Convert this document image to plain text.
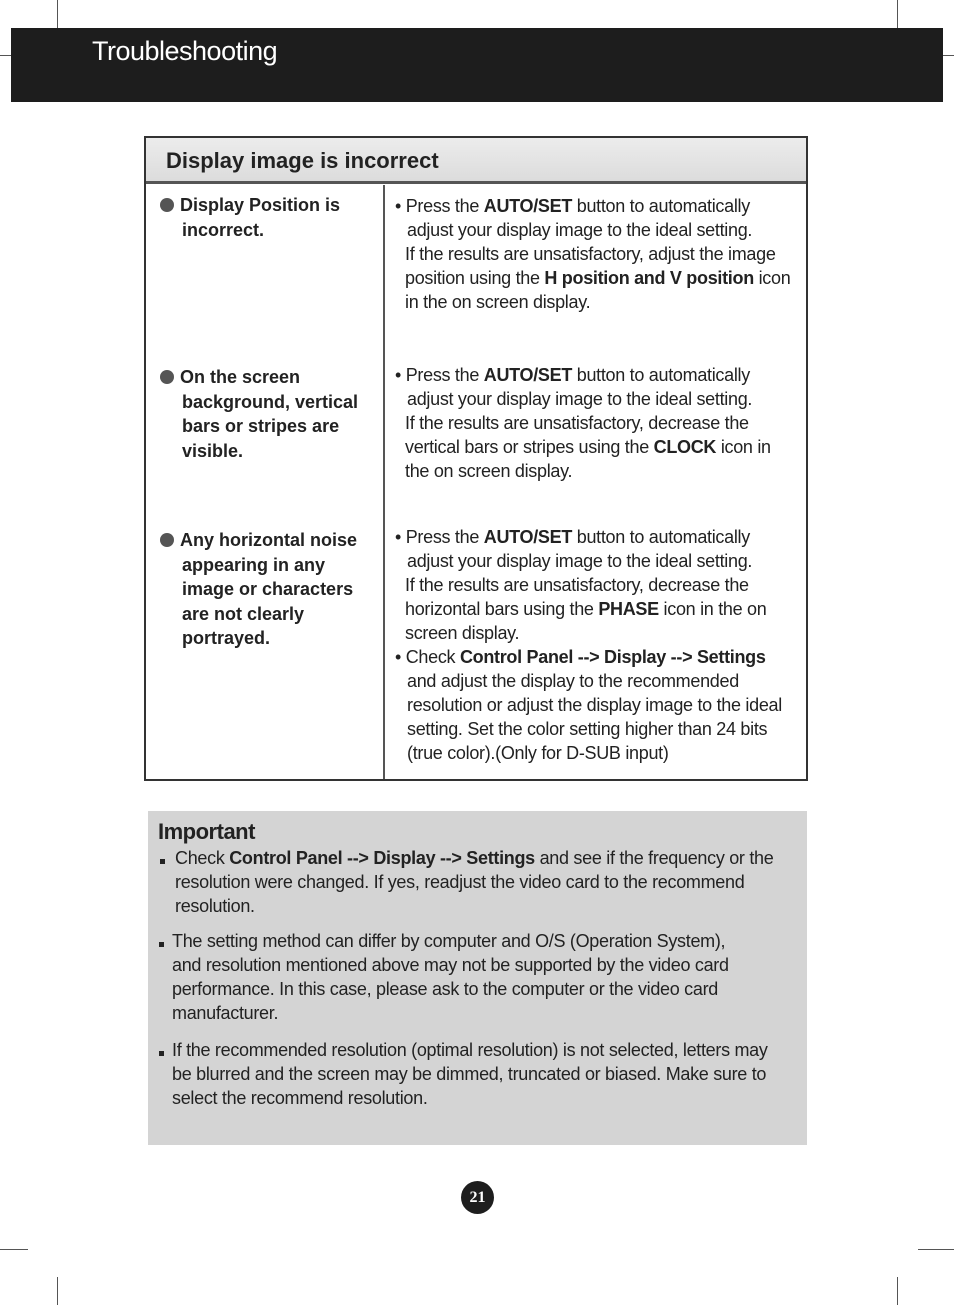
Troubleshooting
Display image is incorrect
Display Position is
incorrect.
On the screen
background, vertical bars or stripes are visible.
Any horizontal noise
appearing in any image or characters are not clearly portrayed.
• Press the AUTO/SET button to automatically
adjust your display image to the ideal setting.
If the results are unsatisfactory, adjust the image
position using the H position and V position icon
in the on screen display.
• Press the AUTO/SET button to automatically
adjust your display image to the ideal setting.
If the results are unsatisfactory, decrease the
vertical bars or stripes using the CLOCK icon in
the on screen display.
• Press the AUTO/SET button to automatically
adjust your display image to the ideal setting.
If the results are unsatisfactory, decrease the
horizontal bars using the PHASE icon in the on
screen display.
• Check Control Panel --> Display --> Settings
and adjust the display to the recommended
resolution or adjust the display image to the ideal
setting. Set the color setting higher than 24 bits
(true color).(Only for D-SUB input)
Important
Check Control Panel --> Display --> Settings and see if the frequency or the
resolution were changed. If yes, readjust the video card to the recommend
resolution.
The setting method can differ by computer and O/S (Operation System),
and resolution mentioned above may not be supported by the video card
performance. In this case, please ask to the computer or the video card
manufacturer.
If the recommended resolution (optimal resolution) is not selected, letters may
be blurred and the screen may be dimmed, truncated or biased. Make sure to
select the recommend resolution.
21
